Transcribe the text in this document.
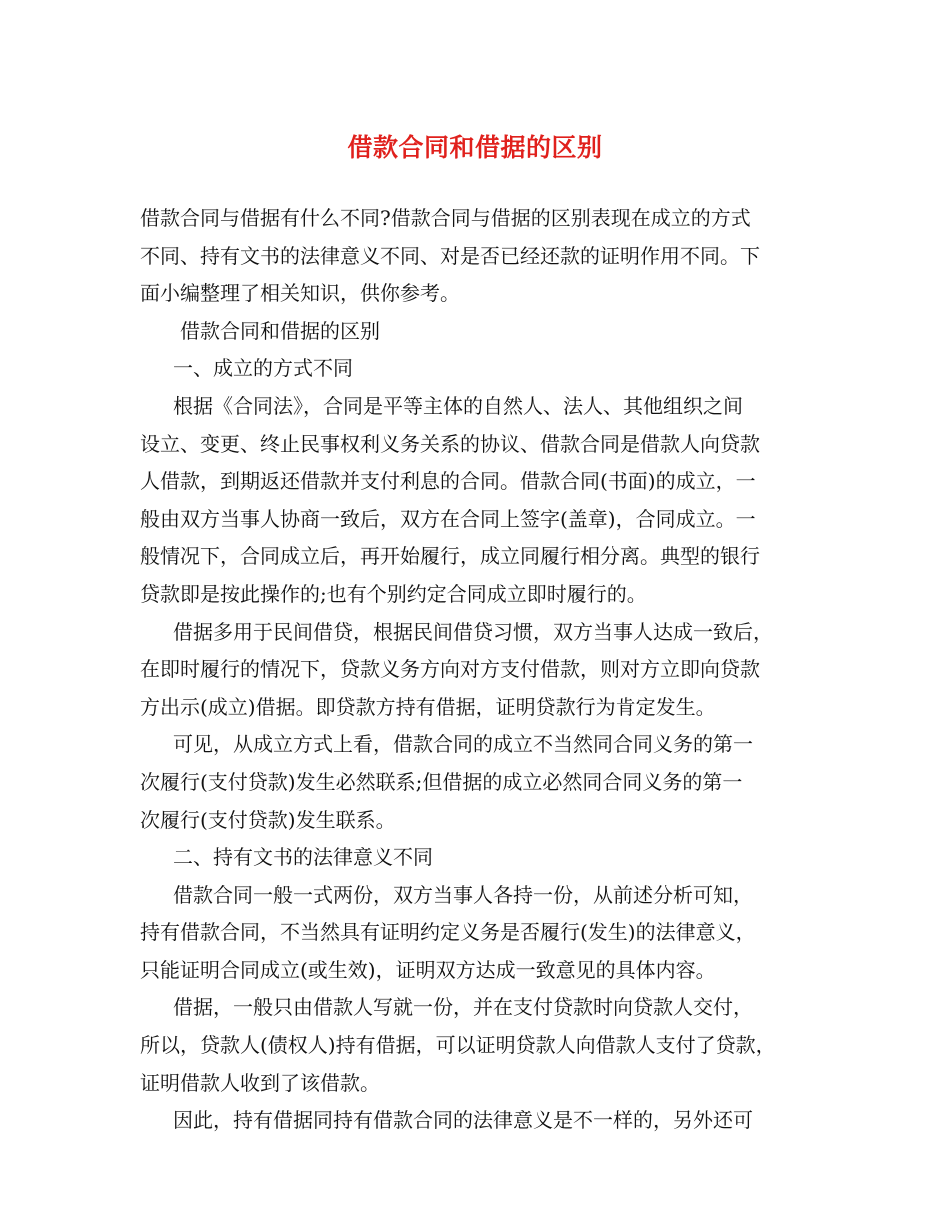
借款合同和借据的区别
借款合同与借据有什么不同?借款合同与借据的区别表现在成立的方式
不同、持有文书的法律意义不同、对是否已经还款的证明作用不同。下
面小编整理了相关知识，供你参考。
借款合同和借据的区别
一、成立的方式不同
根据《合同法》，合同是平等主体的自然人、法人、其他组织之间
设立、变更、终止民事权利义务关系的协议、借款合同是借款人向贷款
人借款，到期返还借款并支付利息的合同。借款合同(书面)的成立，一
般由双方当事人协商一致后，双方在合同上签字(盖章)，合同成立。一
般情况下，合同成立后，再开始履行，成立同履行相分离。典型的银行
贷款即是按此操作的;也有个别约定合同成立即时履行的。
借据多用于民间借贷，根据民间借贷习惯，双方当事人达成一致后，
在即时履行的情况下，贷款义务方向对方支付借款，则对方立即向贷款
方出示(成立)借据。即贷款方持有借据，证明贷款行为肯定发生。
可见，从成立方式上看，借款合同的成立不当然同合同义务的第一
次履行(支付贷款)发生必然联系;但借据的成立必然同合同义务的第一
次履行(支付贷款)发生联系。
二、持有文书的法律意义不同
借款合同一般一式两份，双方当事人各持一份，从前述分析可知，
持有借款合同，不当然具有证明约定义务是否履行(发生)的法律意义，
只能证明合同成立(或生效)，证明双方达成一致意见的具体内容。
借据，一般只由借款人写就一份，并在支付贷款时向贷款人交付，
所以，贷款人(债权人)持有借据，可以证明贷款人向借款人支付了贷款，
证明借款人收到了该借款。
因此，持有借据同持有借款合同的法律意义是不一样的，另外还可
